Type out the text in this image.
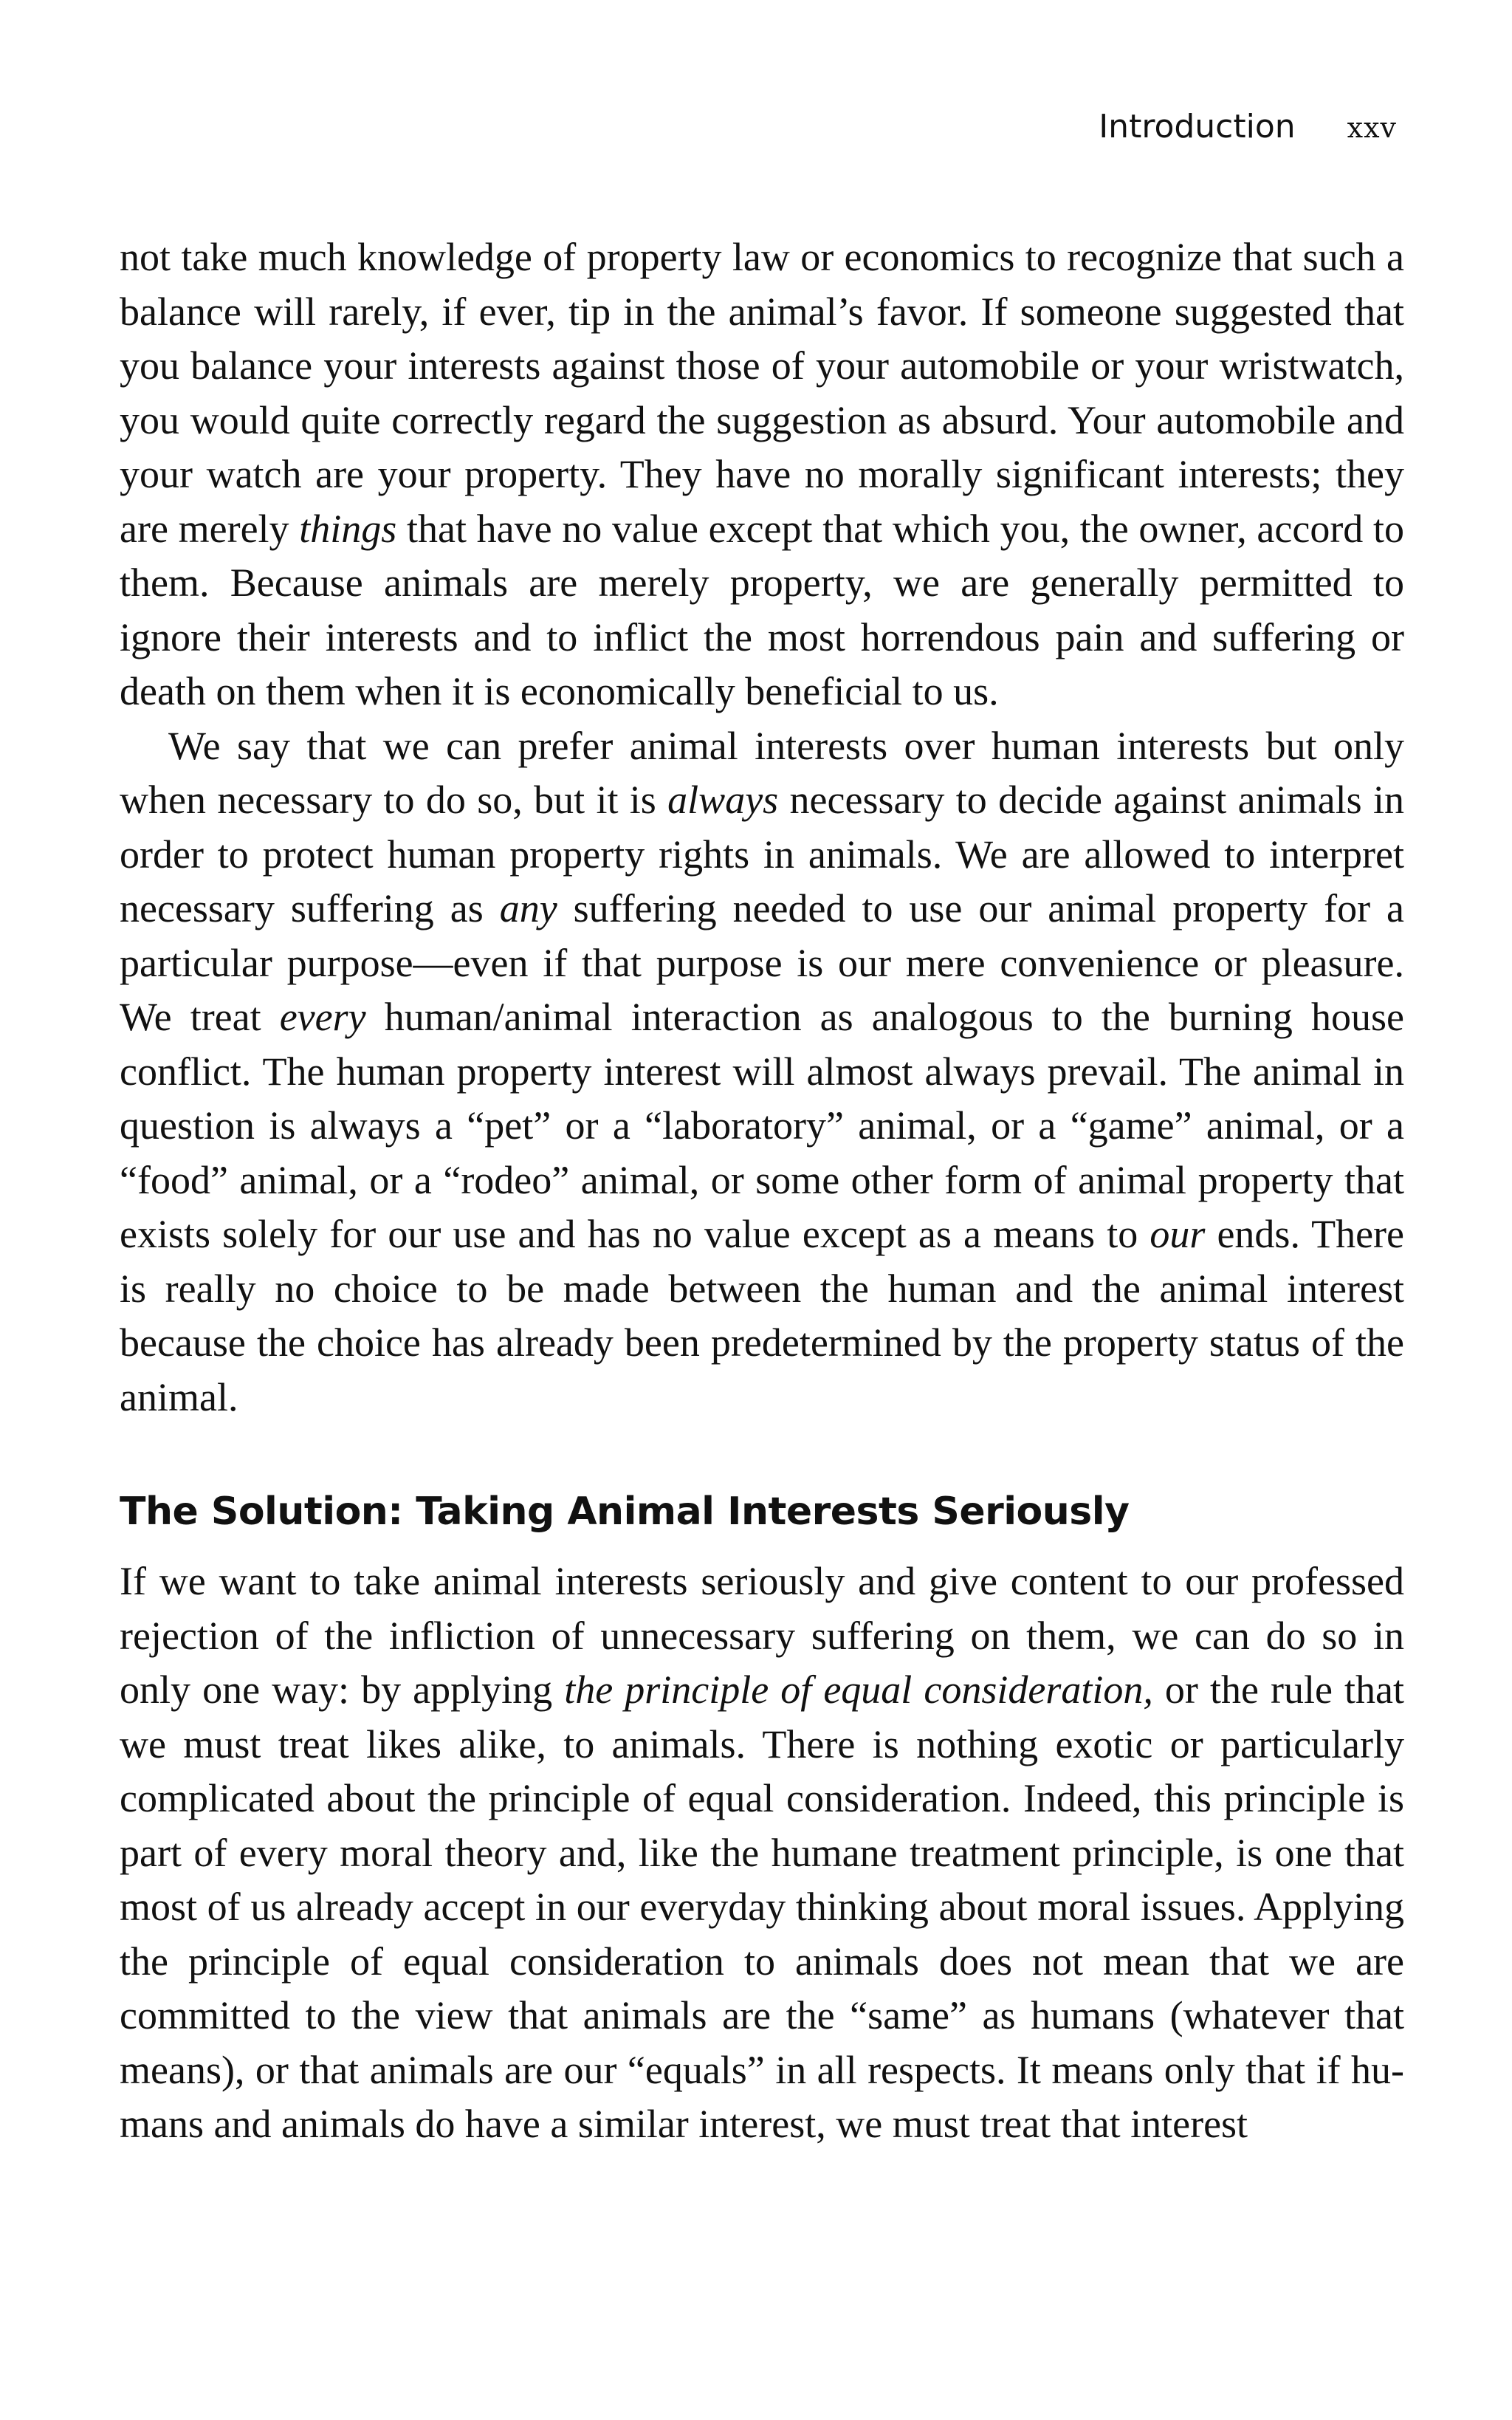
Introduction xxv

not take much knowledge of property law or economics to recognize that such a balance will rarely, if ever, tip in the animal’s favor. If someone suggested that you balance your interests against those of your automobile or your wristwatch, you would quite correctly regard the suggestion as absurd. Your automobile and your watch are your property. They have no morally significant interests; they are merely things that have no value except that which you, the owner, accord to them. Because animals are merely property, we are generally permitted to ignore their interests and to inflict the most horrendous pain and suffering or death on them when it is economically beneficial to us.

We say that we can prefer animal interests over human interests but only when necessary to do so, but it is always necessary to decide against animals in order to protect human property rights in animals. We are allowed to interpret necessary suffering as any suffering needed to use our animal property for a particular purpose—even if that purpose is our mere convenience or pleasure. We treat every human/animal interaction as analogous to the burning house conflict. The human property interest will almost always prevail. The animal in question is always a “pet” or a “laboratory” animal, or a “game” animal, or a “food” animal, or a “rodeo” animal, or some other form of animal property that exists solely for our use and has no value except as a means to our ends. There is really no choice to be made between the human and the animal interest because the choice has already been predetermined by the property status of the animal.

The Solution: Taking Animal Interests Seriously

If we want to take animal interests seriously and give content to our professed rejection of the infliction of unnecessary suffering on them, we can do so in only one way: by applying the principle of equal consideration, or the rule that we must treat likes alike, to animals. There is nothing exotic or particularly complicated about the principle of equal consideration. Indeed, this principle is part of every moral theory and, like the humane treatment principle, is one that most of us already accept in our everyday thinking about moral issues. Applying the principle of equal consideration to animals does not mean that we are committed to the view that animals are the “same” as humans (whatever that means), or that animals are our “equals” in all respects. It means only that if humans and animals do have a similar interest, we must treat that interest
